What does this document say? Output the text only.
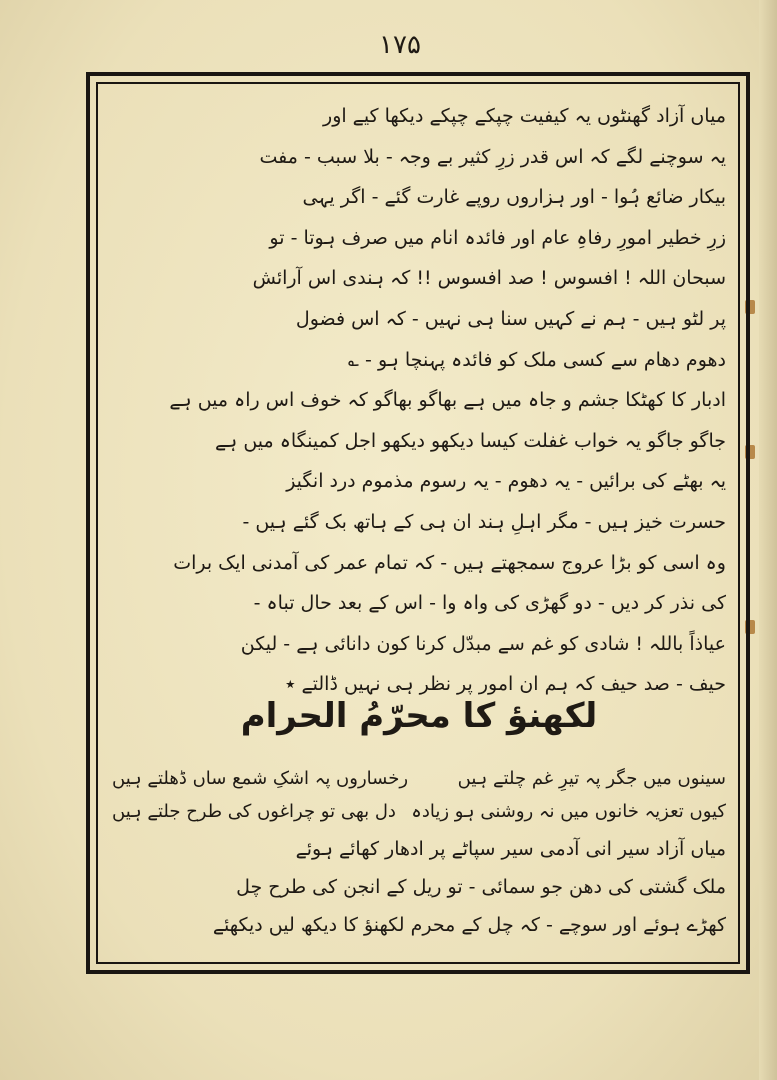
۱۷۵
میاں آزاد گھنٹوں یہ کیفیت چپکے چپکے دیکھا کیے اور
یہ سوچنے لگے کہ اس قدر زرِ کثیر بے وجہ - بلا سبب - مفت
بیکار ضائع ہُوا - اور ہزاروں روپے غارت گئے - اگر یہی
زرِ خطیر امورِ رفاہِ عام اور فائدہ انام میں صرف ہوتا - تو
سبحان اللہ ! افسوس ! صد افسوس !! کہ ہندی اس آرائش
پر لٹو ہیں - ہم نے کہیں سنا ہی نہیں - کہ اس فضول
دھوم دھام سے کسی ملک کو فائدہ پہنچا ہو - ؎
ادبار کا کھٹکا جشم و جاہ میں ہے بھاگو بھاگو کہ خوف اس راہ میں ہے
جاگو جاگو یہ خواب غفلت کیسا دیکھو دیکھو اجل کمینگاہ میں ہے
یہ بھٹے کی برائیں - یہ دھوم - یہ رسوم مذموم درد انگیز
حسرت خیز ہیں - مگر اہلِ ہند ان ہی کے ہاتھ بک گئے ہیں -
وہ اسی کو بڑا عروج سمجھتے ہیں - کہ تمام عمر کی آمدنی ایک برات
کی نذر کر دیں - دو گھڑی کی واہ وا - اس کے بعد حال تباہ -
عیاذاً باللہ ! شادی کو غم سے مبدّل کرنا کون دانائی ہے - لیکن
حیف - صد حیف کہ ہم ان امور پر نظر ہی نہیں ڈالتے ٭
لکھنؤ کا محرّمُ الحرام
سینوں میں جگر پہ تیرِ غم چلتے ہیں
رخساروں پہ اشکِ شمع ساں ڈھلتے ہیں
کیوں تعزیہ خانوں میں نہ روشنی ہو زیادہ
دل بھی تو چراغوں کی طرح جلتے ہیں
میاں آزاد سیر انی آدمی سیر سپاٹے پر ادھار کھائے ہوئے
ملک گشتی کی دھن جو سمائی - تو ریل کے انجن کی طرح چل
کھڑے ہوئے اور سوچے - کہ چل کے محرم لکھنؤ کا دیکھ لیں دیکھئے
